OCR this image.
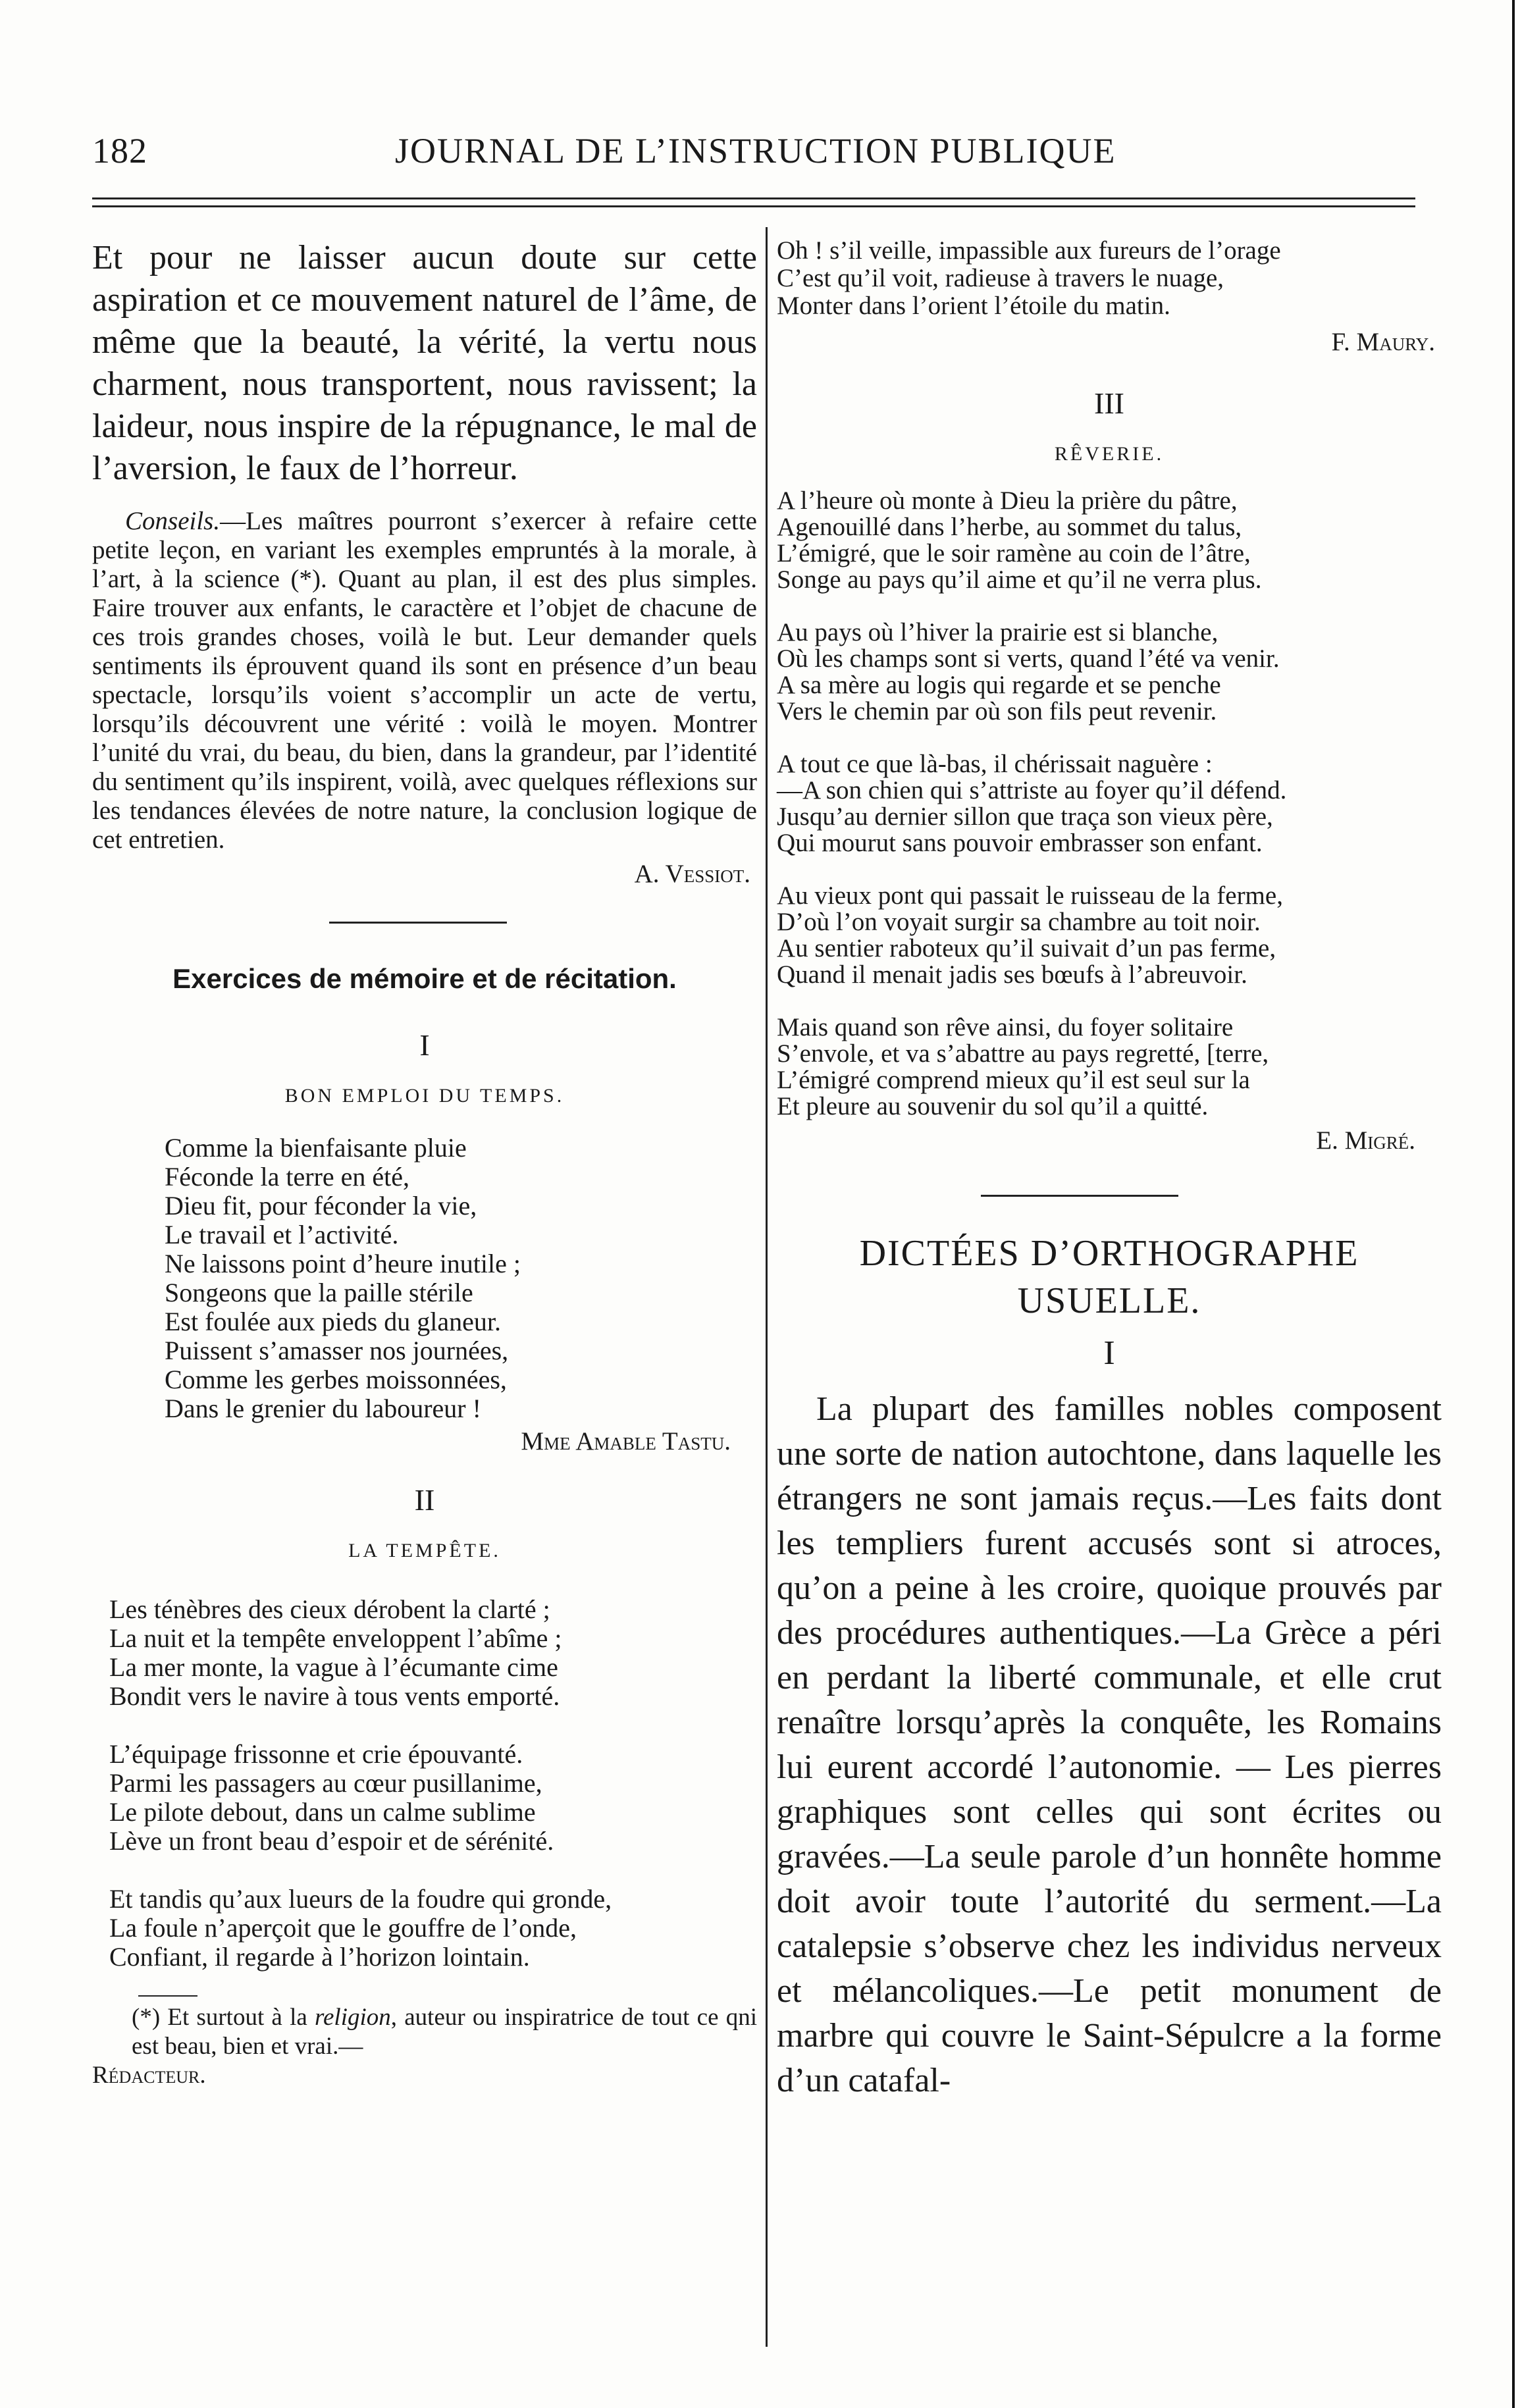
182	JOURNAL DE L’INSTRUCTION PUBLIQUE

Et pour ne laisser aucun doute sur cette aspiration et ce mouvement naturel de l’âme, de même que la beauté, la vérité, la vertu nous charment, nous transportent, nous ravissent; la laideur, nous inspire de la répugnance, le mal de l’aversion, le faux de l’horreur.

Conseils.—Les maîtres pourront s’exercer à refaire cette petite leçon, en variant les exemples empruntés à la morale, à l’art, à la science (*). Quant au plan, il est des plus simples. Faire trouver aux enfants, le caractère et l’objet de chacune de ces trois grandes choses, voilà le but. Leur demander quels sentiments ils éprouvent quand ils sont en présence d’un beau spectacle, lorsqu’ils voient s’accomplir un acte de vertu, lorsqu’ils découvrent une vérité : voilà le moyen. Montrer l’unité du vrai, du beau, du bien, dans la grandeur, par l’identité du sentiment qu’ils inspirent, voilà, avec quelques réflexions sur les tendances élevées de notre nature, la conclusion logique de cet entretien.

A. Vessiot.

Exercices de mémoire et de récitation.

I

BON EMPLOI DU TEMPS.

Comme la bienfaisante pluie
Féconde la terre en été,
Dieu fit, pour féconder la vie,
Le travail et l’activité.
Ne laissons point d’heure inutile ;
Songeons que la paille stérile
Est foulée aux pieds du glaneur.
Puissent s’amasser nos journées,
Comme les gerbes moissonnées,
Dans le grenier du laboureur !

Mme Amable Tastu.

II

LA TEMPÊTE.

Les ténèbres des cieux dérobent la clarté ;
La nuit et la tempête enveloppent l’abîme ;
La mer monte, la vague à l’écumante cime
Bondit vers le navire à tous vents emporté.
L’équipage frissonne et crie épouvanté.
Parmi les passagers au cœur pusillanime,
Le pilote debout, dans un calme sublime
Lève un front beau d’espoir et de sérénité.
Et tandis qu’aux lueurs de la foudre qui gronde,
La foule n’aperçoit que le gouffre de l’onde,
Confiant, il regarde à l’horizon lointain.

(*) Et surtout à la religion, auteur ou inspiratrice de tout ce qni est beau, bien et vrai.—

Rédacteur.

Oh ! s’il veille, impassible aux fureurs de l’orage
C’est qu’il voit, radieuse à travers le nuage,
Monter dans l’orient l’étoile du matin.

F. Maury.

III

RÊVERIE.

A l’heure où monte à Dieu la prière du pâtre,
Agenouillé dans l’herbe, au sommet du talus,
L’émigré, que le soir ramène au coin de l’âtre,
Songe au pays qu’il aime et qu’il ne verra plus.
Au pays où l’hiver la prairie est si blanche,
Où les champs sont si verts, quand l’été va venir.
A sa mère au logis qui regarde et se penche
Vers le chemin par où son fils peut revenir.
A tout ce que là-bas, il chérissait naguère :
—A son chien qui s’attriste au foyer qu’il défend.
Jusqu’au dernier sillon que traça son vieux père,
Qui mourut sans pouvoir embrasser son enfant.
Au vieux pont qui passait le ruisseau de la ferme,
D’où l’on voyait surgir sa chambre au toit noir.
Au sentier raboteux qu’il suivait d’un pas ferme,
Quand il menait jadis ses bœufs à l’abreuvoir.
Mais quand son rêve ainsi, du foyer solitaire
S’envole, et va s’abattre au pays regretté, [terre,
L’émigré comprend mieux qu’il est seul sur la
Et pleure au souvenir du sol qu’il a quitté.

E. Migré.

DICTÉES D’ORTHOGRAPHE

USUELLE.

I

La plupart des familles nobles composent une sorte de nation autochtone, dans laquelle les étrangers ne sont jamais reçus.—Les faits dont les templiers furent accusés sont si atroces, qu’on a peine à les croire, quoique prouvés par des procédures authentiques.—La Grèce a péri en perdant la liberté communale, et elle crut renaître lorsqu’après la conquête, les Romains lui eurent accordé l’autonomie. — Les pierres graphiques sont celles qui sont écrites ou gravées.—La seule parole d’un honnête homme doit avoir toute l’autorité du serment.—La catalepsie s’observe chez les individus nerveux et mélancoliques.—Le petit monument de marbre qui couvre le Saint-Sépulcre a la forme d’un catafal-
